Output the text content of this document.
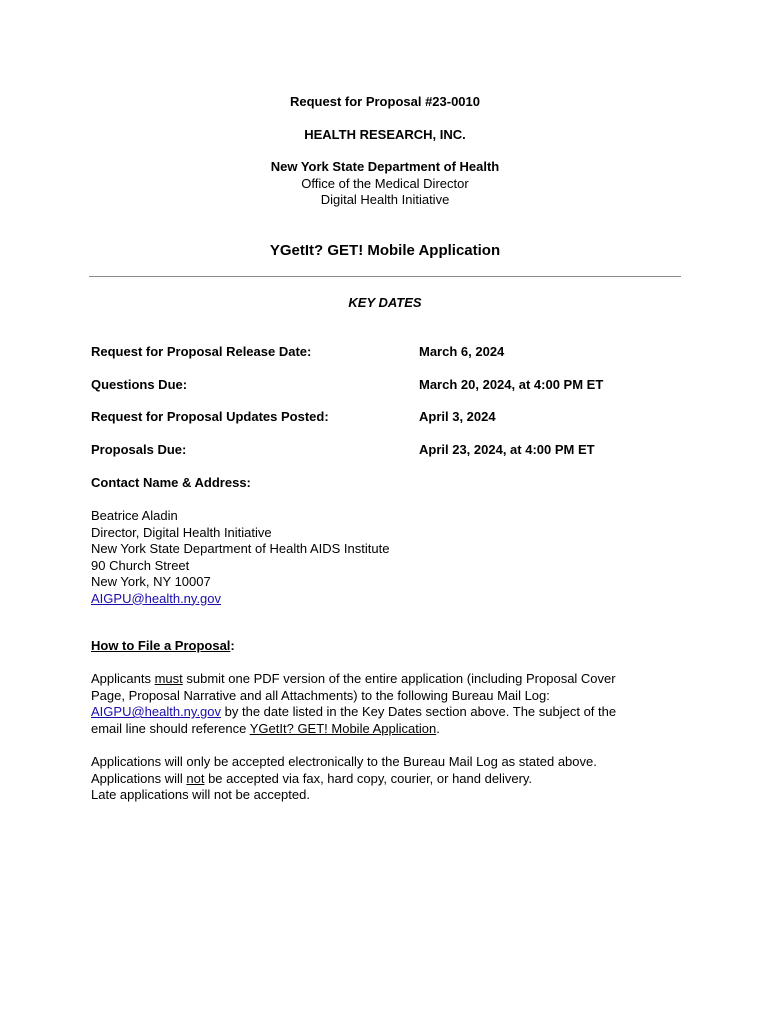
Request for Proposal #23-0010
HEALTH RESEARCH, INC.
New York State Department of Health
Office of the Medical Director
Digital Health Initiative
YGetIt? GET! Mobile Application
KEY DATES
Request for Proposal Release Date:	March 6, 2024
Questions Due:	March 20, 2024, at 4:00 PM ET
Request for Proposal Updates Posted:	April 3, 2024
Proposals Due:	April 23, 2024, at 4:00 PM ET
Contact Name & Address:
Beatrice Aladin
Director, Digital Health Initiative
New York State Department of Health AIDS Institute
90 Church Street
New York, NY 10007
AIGPU@health.ny.gov
How to File a Proposal:
Applicants must submit one PDF version of the entire application (including Proposal Cover
Page, Proposal Narrative and all Attachments) to the following Bureau Mail Log:
AIGPU@health.ny.gov by the date listed in the Key Dates section above. The subject of the
email line should reference YGetIt? GET! Mobile Application.
Applications will only be accepted electronically to the Bureau Mail Log as stated above.
Applications will not be accepted via fax, hard copy, courier, or hand delivery.
Late applications will not be accepted.
